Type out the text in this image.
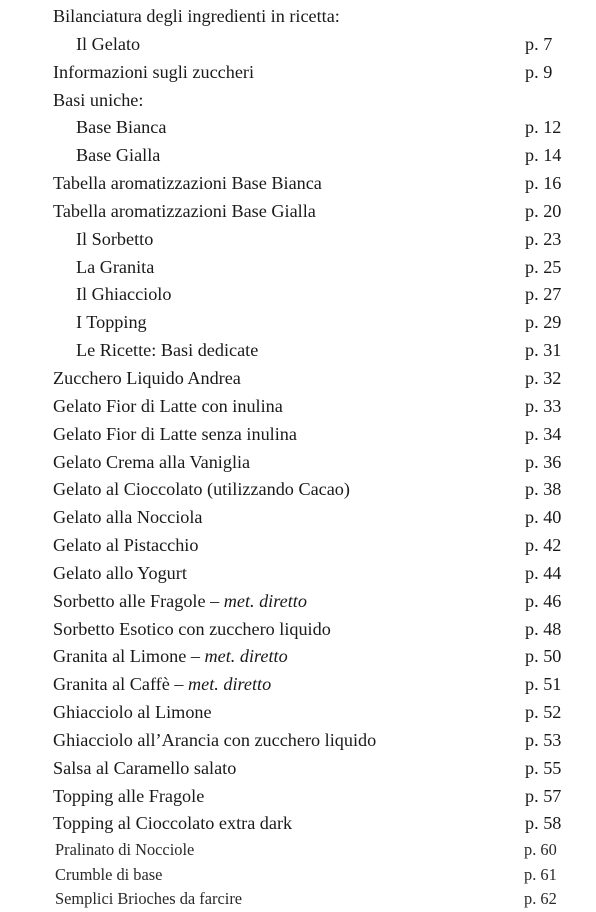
Bilanciatura degli ingredienti in ricetta:
Il Gelato	p. 7
Informazioni sugli zuccheri	p. 9
Basi uniche:
Base Bianca	p. 12
Base Gialla	p. 14
Tabella aromatizzazioni Base Bianca	p. 16
Tabella aromatizzazioni Base Gialla	p. 20
Il Sorbetto	p. 23
La Granita	p. 25
Il Ghiacciolo	p. 27
I Topping	p. 29
Le Ricette: Basi dedicate	p. 31
Zucchero Liquido Andrea	p. 32
Gelato Fior di Latte con inulina	p. 33
Gelato Fior di Latte senza inulina	p. 34
Gelato Crema alla Vaniglia	p. 36
Gelato al Cioccolato (utilizzando Cacao)	p. 38
Gelato alla Nocciola	p. 40
Gelato al Pistacchio	p. 42
Gelato allo Yogurt	p. 44
Sorbetto alle Fragole – met. diretto	p. 46
Sorbetto Esotico con zucchero liquido	p. 48
Granita al Limone – met. diretto	p. 50
Granita al Caffè – met. diretto	p. 51
Ghiacciolo al Limone	p. 52
Ghiacciolo all’Arancia con zucchero liquido	p. 53
Salsa al Caramello salato	p. 55
Topping alle Fragole	p. 57
Topping al Cioccolato extra dark	p. 58
Pralinato di Nocciole	p. 60
Crumble di base	p. 61
Semplici Brioches da farcire	p. 62
